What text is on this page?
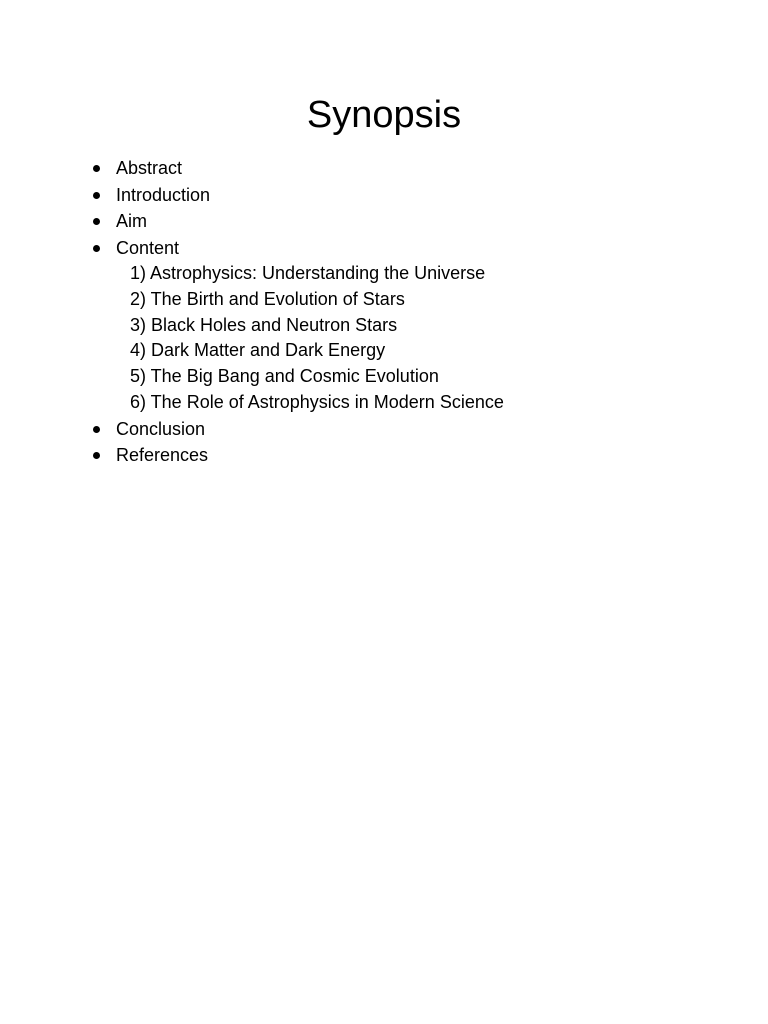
Synopsis
Abstract
Introduction
Aim
Content
1) Astrophysics: Understanding the Universe
2) The Birth and Evolution of Stars
3) Black Holes and Neutron Stars
4) Dark Matter and Dark Energy
5) The Big Bang and Cosmic Evolution
6) The Role of Astrophysics in Modern Science
Conclusion
References
